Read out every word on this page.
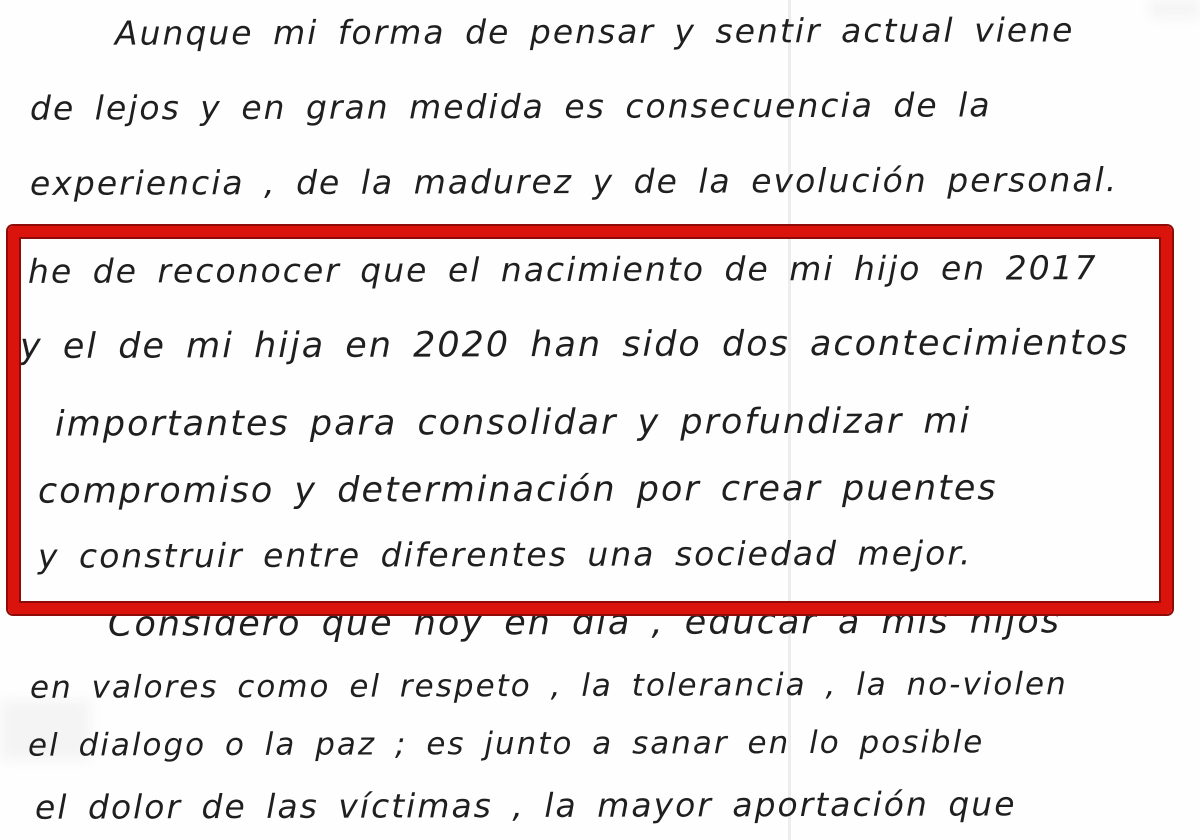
Aunque mi forma de pensar y sentir actual viene
de lejos y en gran medida es consecuencia de la
experiencia , de la madurez y de la evolución personal.
he de reconocer que el nacimiento de mi hijo en 2017
y el de mi hija en 2020 han sido dos acontecimientos
importantes para consolidar y profundizar mi
compromiso y determinación por crear puentes
y construir entre diferentes una sociedad mejor.
Considero que hoy en día , educar a mis hijos
en valores como el respeto , la tolerancia , la no-violen
el dialogo o la paz ; es junto a sanar en lo posible
el dolor de las víctimas , la mayor aportación que
